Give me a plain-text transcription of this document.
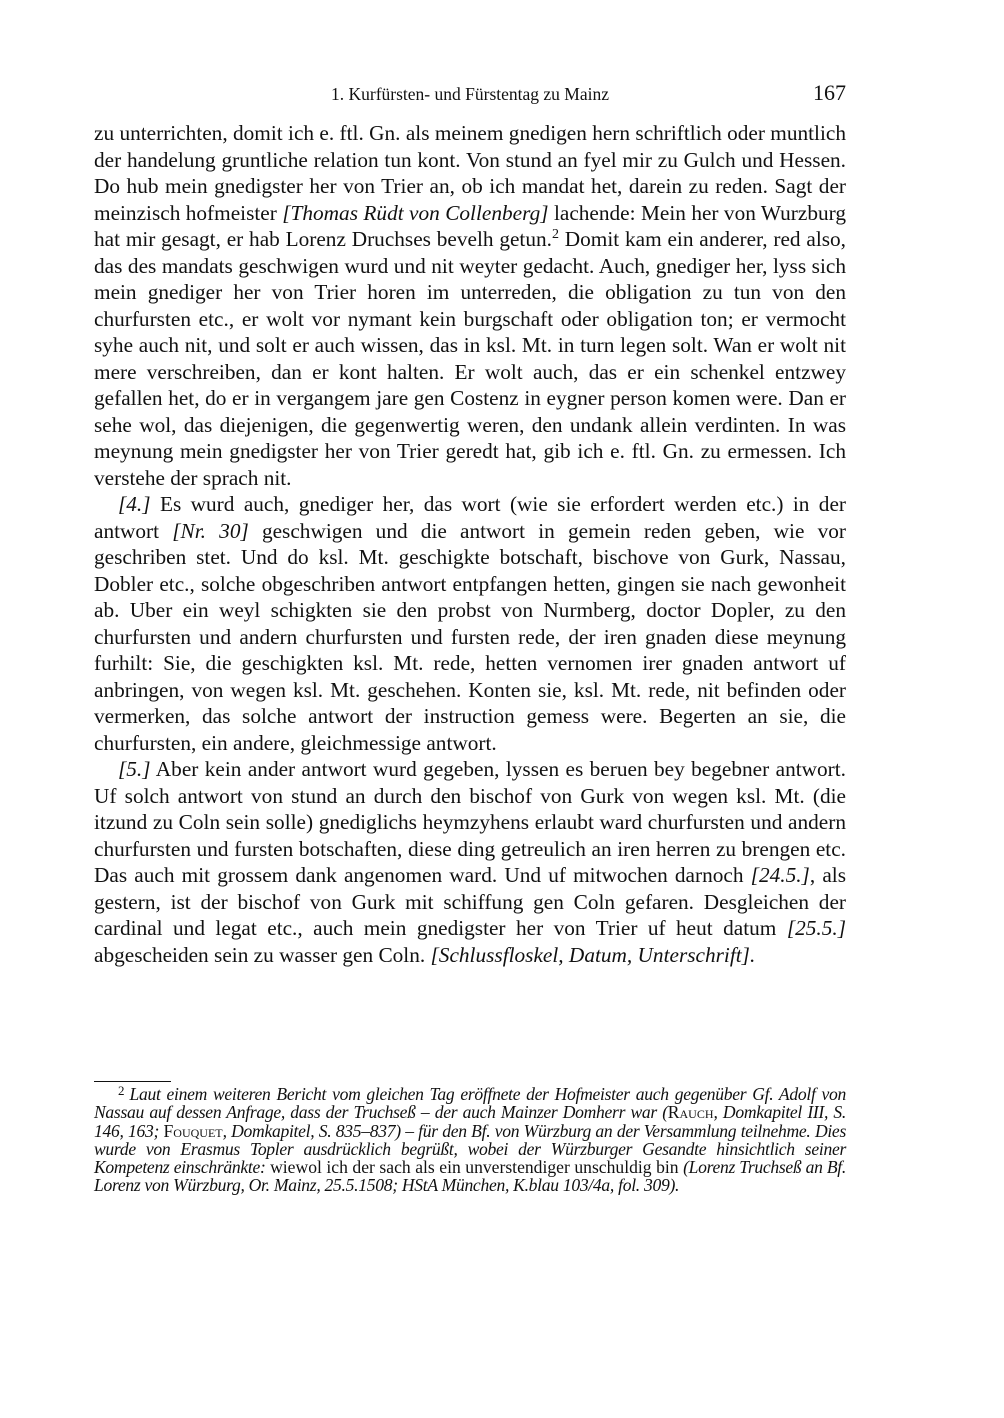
1. Kurfürsten- und Fürstentag zu Mainz	167

zu unterrichten, domit ich e. ftl. Gn. als meinem gnedigen hern schriftlich oder muntlich der handelung gruntliche relation tun kont. Von stund an fyel mir zu Gulch und Hessen. Do hub mein gnedigster her von Trier an, ob ich mandat het, darein zu reden. Sagt der meinzisch hofmeister [Thomas Rüdt von Collenberg] lachende: Mein her von Wurzburg hat mir gesagt, er hab Lorenz Druchses bevelh getun.$^2$ Domit kam ein anderer, red also, das des mandats geschwigen wurd und nit weyter gedacht. Auch, gnediger her, lyss sich mein gnediger her von Trier horen im unterreden, die obligation zu tun von den churfursten etc., er wolt vor nymant kein burgschaft oder obligation ton; er vermocht syhe auch nit, und solt er auch wissen, das in ksl. Mt. in turn legen solt. Wan er wolt nit mere verschreiben, dan er kont halten. Er wolt auch, das er ein schenkel entzwey gefallen het, do er in vergangem jare gen Costenz in eygner person komen were. Dan er sehe wol, das diejenigen, die gegenwertig weren, den undank allein verdinten. In was meynung mein gnedigster her von Trier geredt hat, gib ich e. ftl. Gn. zu ermessen. Ich verstehe der sprach nit.

[4.] Es wurd auch, gnediger her, das wort (wie sie erfordert werden etc.) in der antwort [Nr. 30] geschwigen und die antwort in gemein reden geben, wie vor geschriben stet. Und do ksl. Mt. geschigkte botschaft, bischove von Gurk, Nassau, Dobler etc., solche obgeschriben antwort entpfangen hetten, gingen sie nach gewonheit ab. Uber ein weyl schigkten sie den probst von Nurmberg, doctor Dopler, zu den churfursten und andern churfursten und fursten rede, der iren gnaden diese meynung furhilt: Sie, die geschigkten ksl. Mt. rede, hetten vernomen irer gnaden antwort uf anbringen, von wegen ksl. Mt. geschehen. Konten sie, ksl. Mt. rede, nit befinden oder vermerken, das solche antwort der instruction gemess were. Begerten an sie, die churfursten, ein andere, gleichmessige antwort.

[5.] Aber kein ander antwort wurd gegeben, lyssen es beruen bey begebner antwort. Uf solch antwort von stund an durch den bischof von Gurk von wegen ksl. Mt. (die itzund zu Coln sein solle) gnediglichs heymzyhens erlaubt ward churfursten und andern churfursten und fursten botschaften, diese ding getreulich an iren herren zu brengen etc. Das auch mit grossem dank angenomen ward. Und uf mitwochen darnoch [24.5.], als gestern, ist der bischof von Gurk mit schiffung gen Coln gefaren. Desgleichen der cardinal und legat etc., auch mein gnedigster her von Trier uf heut datum [25.5.] abgescheiden sein zu wasser gen Coln. [Schlussfloskel, Datum, Unterschrift].

$^2$ Laut einem weiteren Bericht vom gleichen Tag eröffnete der Hofmeister auch gegenüber Gf. Adolf von Nassau auf dessen Anfrage, dass der Truchseß – der auch Mainzer Domherr war (Rauch, Domkapitel III, S. 146, 163; Fouquet, Domkapitel, S. 835–837) – für den Bf. von Würzburg an der Versammlung teilnehme. Dies wurde von Erasmus Topler ausdrücklich begrüßt, wobei der Würzburger Gesandte hinsichtlich seiner Kompetenz einschränkte: wiewol ich der sach als ein unverstendiger unschuldig bin (Lorenz Truchseß an Bf. Lorenz von Würzburg, Or. Mainz, 25.5.1508; HStA München, K.blau 103/4a, fol. 309).
